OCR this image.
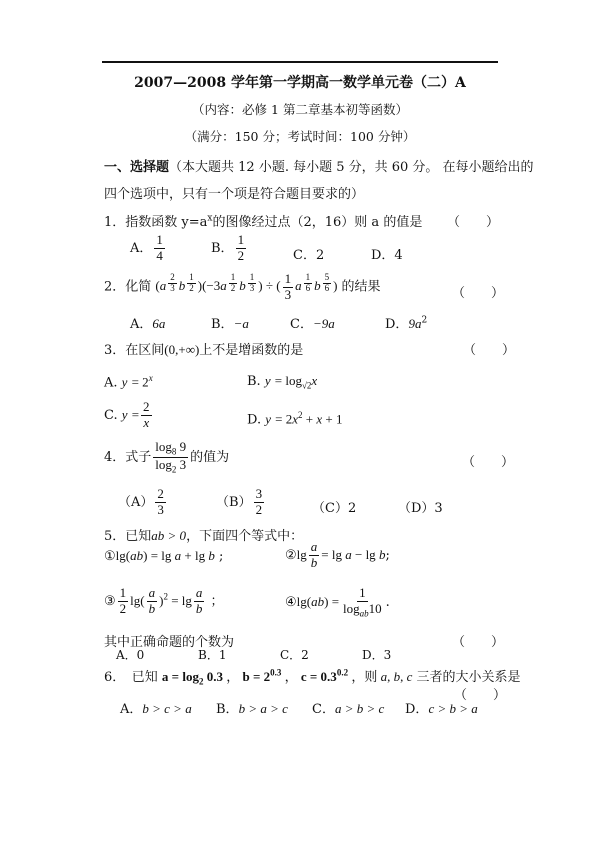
2007—2008 学年第一学期高一数学单元卷（二）A
（内容：必修 1 第二章基本初等函数）
（满分：150 分；考试时间：100 分钟）
一、选择题（本大题共 12 小题. 每小题 5 分，共 60 分。 在每小题给出的
四个选项中，只有一个项是符合题目要求的）
1．指数函数 $y=a^x$的图像经过点（2，16）则 a 的值是 （　　）
A． $\frac{1}{4}$	B． $\frac{1}{2}$	C．2	D．4
2．化简 (a $^{\frac{2}{3}}$ b $^{\frac{1}{2}}$ )(−3a $^{\frac{1}{2}}$ b $^{\frac{1}{3}}$ ) ÷ ( $\frac{1}{3}$ a $^{\frac{1}{6}}$ b $^{\frac{5}{6}}$ ) 的结果	（　　）
A．6a	B．−a	C．−9a	D．$9a^2$
3．在区间(0,+∞)上不是增函数的是	（　　）
A. $y = 2^x$	B. $y = \log_{√2}x$
C. $y = \frac{2}{x}$	D. $y = 2x^2 + x + 1$
4．式子 $\frac{\log_8 9}{\log_2 3}$ 的值为	（　　）
$(A) \frac{2}{3}$	$(B) \frac{3}{2}$	（C）2	（D）3
5．已知ab > 0，下面四个等式中：
①lg(ab) = lg a + lg b ;	②lg $\frac{a}{b} = \lg a - \lg b$;
③ $\frac{1}{2} \lg( \frac{a}{b} )^2 = \lg \frac{a}{b}$ ；	④lg(ab) = $\frac{1}{\log_{ab}10}$ .
其中正确命题的个数为	（　　）
A．0	B．1	C．2	D．3
6．　已知 $a = \log_2 0.3$ ， $b = 2^{0.3}$ ， $c = 0.3^{0.2}$ ，则 a, b, c 三者的大小关系是
（　　）
A．b > c > a B．b > a > c C．a > b > c D．c > b > a
